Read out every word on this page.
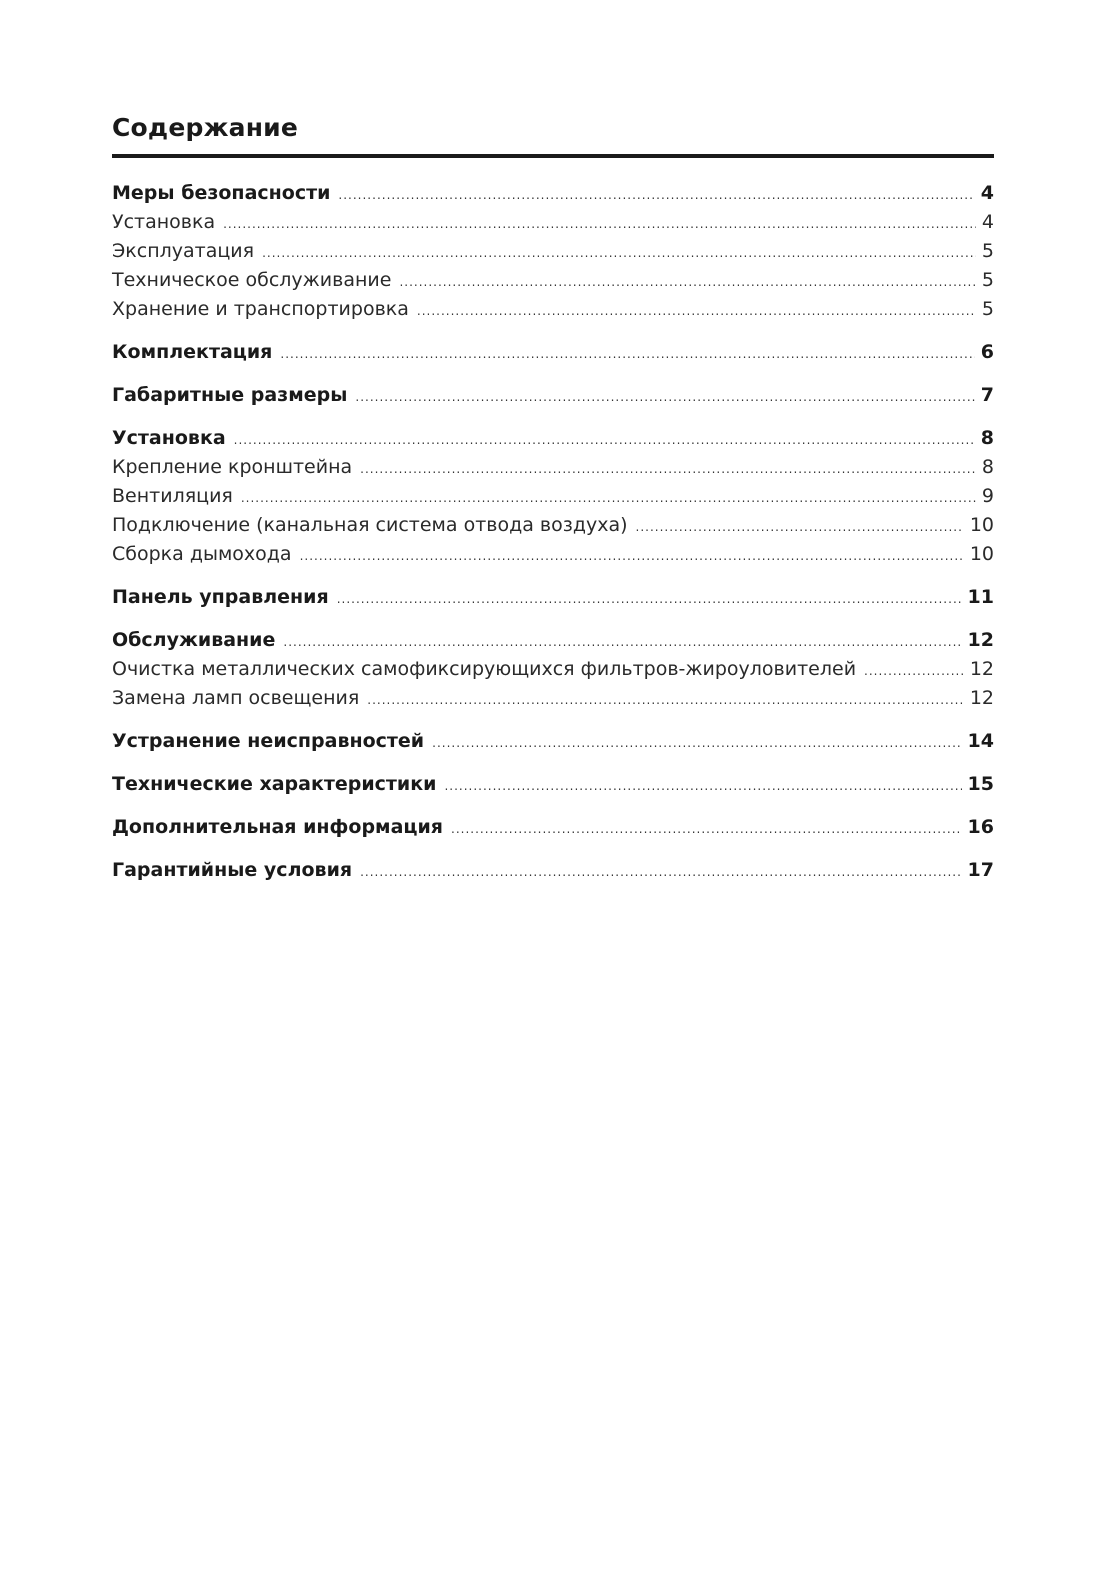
Содержание
Меры безопасности .....	4
Установка .....	4
Эксплуатация .....	5
Техническое обслуживание .....	5
Хранение и транспортировка .....	5
Комплектация .....	6
Габаритные размеры .....	7
Установка .....	8
Крепление кронштейна .....	8
Вентиляция .....	9
Подключение (канальная система отвода воздуха) .....	10
Сборка дымохода .....	10
Панель управления .....	11
Обслуживание .....	12
Очистка металлических самофиксирующихся фильтров-жироуловителей .....	12
Замена ламп освещения .....	12
Устранение неисправностей .....	14
Технические характеристики .....	15
Дополнительная информация .....	16
Гарантийные условия .....	17
